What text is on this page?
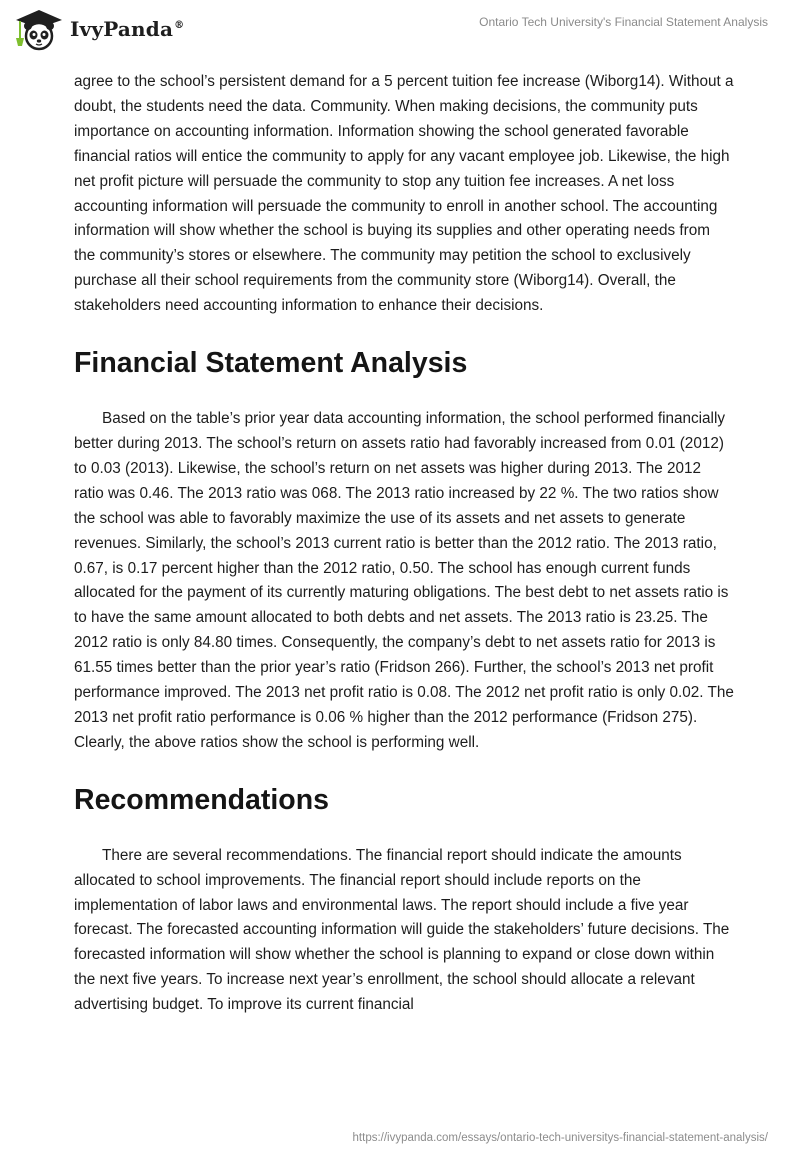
IvyPanda®	Ontario Tech University's Financial Statement Analysis

agree to the school’s persistent demand for a 5 percent tuition fee increase (Wiborg14). Without a doubt, the students need the data. Community. When making decisions, the community puts importance on accounting information. Information showing the school generated favorable financial ratios will entice the community to apply for any vacant employee job. Likewise, the high net profit picture will persuade the community to stop any tuition fee increases. A net loss accounting information will persuade the community to enroll in another school. The accounting information will show whether the school is buying its supplies and other operating needs from the community’s stores or elsewhere. The community may petition the school to exclusively purchase all their school requirements from the community store (Wiborg14). Overall, the stakeholders need accounting information to enhance their decisions.

Financial Statement Analysis

Based on the table’s prior year data accounting information, the school performed financially better during 2013. The school’s return on assets ratio had favorably increased from 0.01 (2012) to 0.03 (2013). Likewise, the school’s return on net assets was higher during 2013. The 2012 ratio was 0.46. The 2013 ratio was 068. The 2013 ratio increased by 22 %. The two ratios show the school was able to favorably maximize the use of its assets and net assets to generate revenues. Similarly, the school’s 2013 current ratio is better than the 2012 ratio. The 2013 ratio, 0.67, is 0.17 percent higher than the 2012 ratio, 0.50. The school has enough current funds allocated for the payment of its currently maturing obligations. The best debt to net assets ratio is to have the same amount allocated to both debts and net assets. The 2013 ratio is 23.25. The 2012 ratio is only 84.80 times. Consequently, the company’s debt to net assets ratio for 2013 is 61.55 times better than the prior year’s ratio (Fridson 266). Further, the school’s 2013 net profit performance improved. The 2013 net profit ratio is 0.08. The 2012 net profit ratio is only 0.02. The 2013 net profit ratio performance is 0.06 % higher than the 2012 performance (Fridson 275). Clearly, the above ratios show the school is performing well.

Recommendations

There are several recommendations. The financial report should indicate the amounts allocated to school improvements. The financial report should include reports on the implementation of labor laws and environmental laws. The report should include a five year forecast. The forecasted accounting information will guide the stakeholders’ future decisions. The forecasted information will show whether the school is planning to expand or close down within the next five years. To increase next year’s enrollment, the school should allocate a relevant advertising budget. To improve its current financial

https://ivypanda.com/essays/ontario-tech-universitys-financial-statement-analysis/
